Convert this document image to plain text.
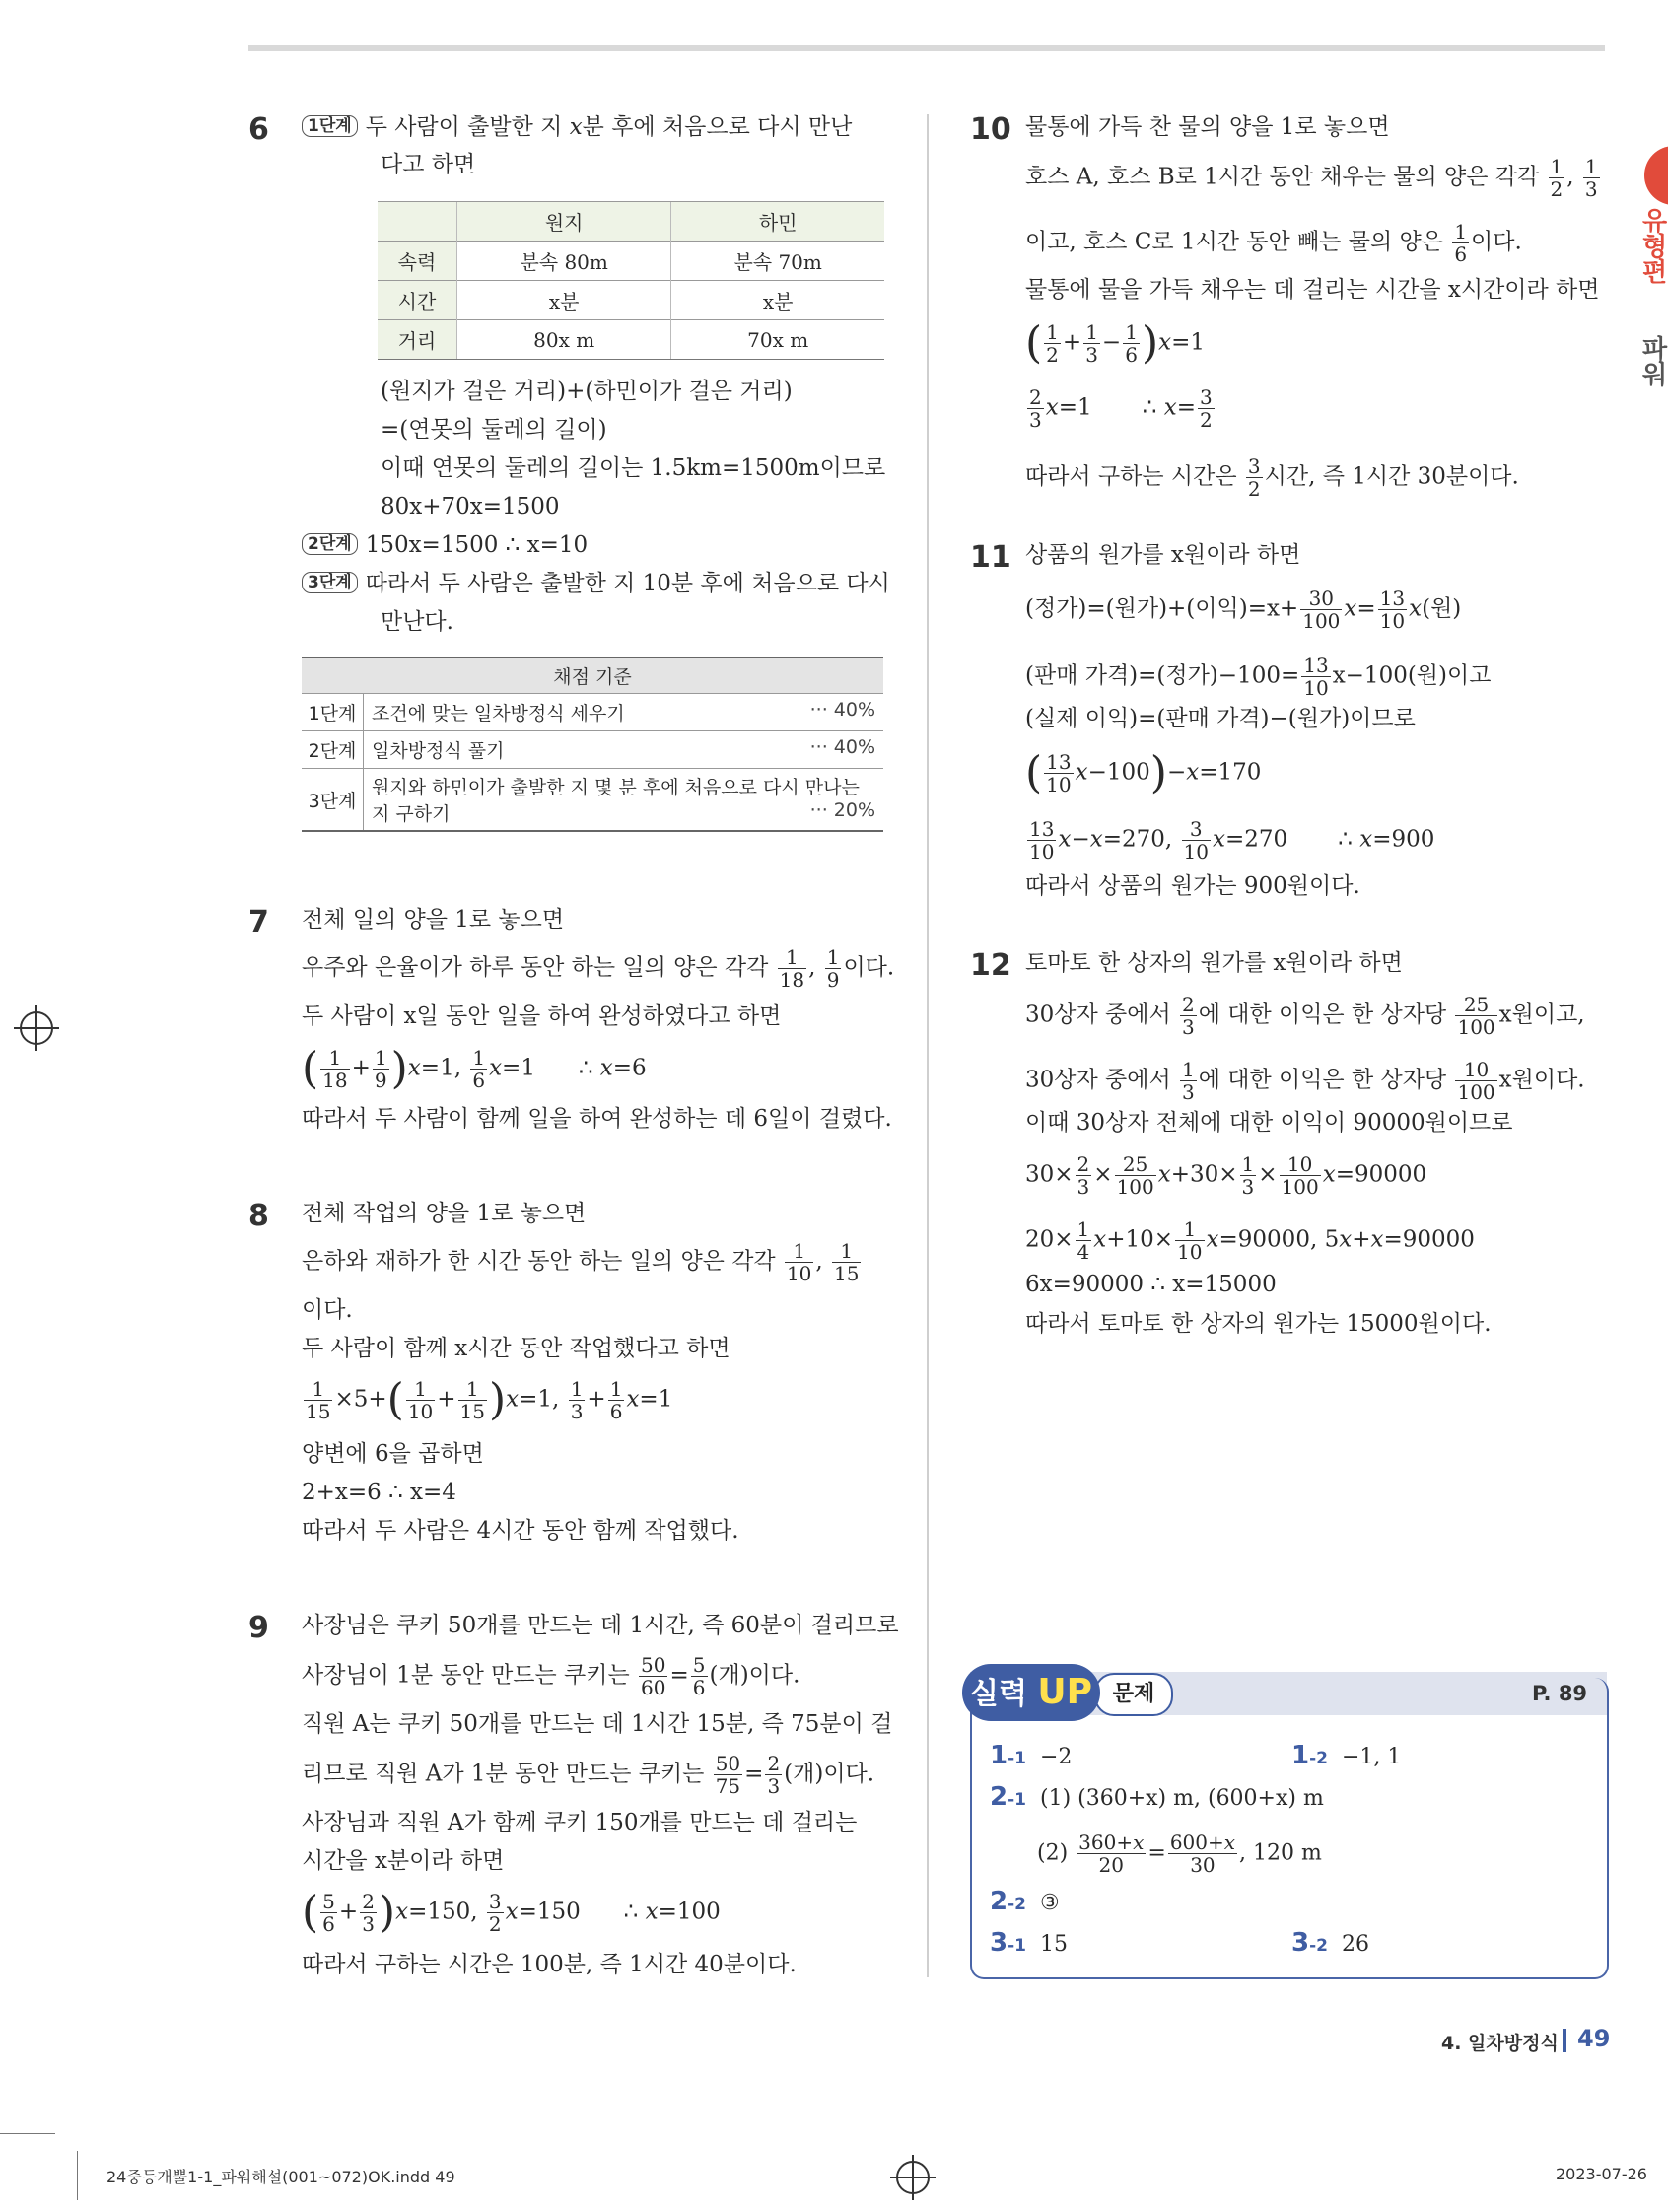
유형편
파워
6	1단계 두 사람이 출발한 지 x분 후에 처음으로 다시 만난
다고 하면
	원지	하민
속력	분속 80m	분속 70m
시간	x분	x분
거리	80x m	70x m
(원지가 걸은 거리)+(하민이가 걸은 거리)
=(연못의 둘레의 길이)
이때 연못의 둘레의 길이는 1.5km=1500m이므로
80x+70x=1500
2단계 150x=1500 ∴ x=10
3단계 따라서 두 사람은 출발한 지 10분 후에 처음으로 다시
만난다.
채점 기준	
1단계	조건에 맞는 일차방정식 세우기 ··· 40%

2단계	일차방정식 풀기 ··· 40%

3단계	원지와 하민이가 출발한 지 몇 분 후에 처음으로 다시 만나는 지 구하기 ··· 20%
7 전체 일의 양을 1로 놓으면
우주와 은율이가 하루 동안 하는 일의 양은 각각 $\frac{1}{18}$ , $\frac{1}{9}$ 이다.
두 사람이 x일 동안 일을 하여 완성하였다고 하면
( $\frac{1}{18} + \frac{1}{9} )x=1$, $\frac{1}{6} x=1$      ∴ x=6
따라서 두 사람이 함께 일을 하여 완성하는 데 6일이 걸렸다.
8 전체 작업의 양을 1로 놓으면
은하와 재하가 한 시간 동안 하는 일의 양은 각각 $\frac{1}{10}$ , $\frac{1}{15}$
이다.
두 사람이 함께 x시간 동안 작업했다고 하면
$\frac{1}{15} \times 5+( \frac{1}{10} + \frac{1}{15} )x=1$, $\frac{1}{3} + \frac{1}{6} x=1$
양변에 6을 곱하면
2+x=6 ∴ x=4
따라서 두 사람은 4시간 동안 함께 작업했다.
9 사장님은 쿠키 50개를 만드는 데 1시간, 즉 60분이 걸리므로
사장님이 1분 동안 만드는 쿠키는 $\frac{50}{60} = \frac{5}{6}$ (개)이다.
직원 A는 쿠키 50개를 만드는 데 1시간 15분, 즉 75분이 걸
리므로 직원 A가 1분 동안 만드는 쿠키는 $\frac{50}{75} = \frac{2}{3}$ (개)이다.
사장님과 직원 A가 함께 쿠키 150개를 만드는 데 걸리는
시간을 x분이라 하면
( $\frac{5}{6} + \frac{2}{3} )x=150$, $\frac{3}{2} x=150$      ∴ x=100
따라서 구하는 시간은 100분, 즉 1시간 40분이다.
10 물통에 가득 찬 물의 양을 1로 놓으면
호스 A, 호스 B로 1시간 동안 채우는 물의 양은 각각 $\frac{1}{2}$ , $\frac{1}{3}$
이고, 호스 C로 1시간 동안 빼는 물의 양은 $\frac{1}{6}$ 이다.
물통에 물을 가득 채우는 데 걸리는 시간을 x시간이라 하면
( $\frac{1}{2} + \frac{1}{3} - \frac{1}{6} )x=1$
$\frac{2}{3} x=1$       ∴ $x= \frac{3}{2}$
따라서 구하는 시간은 $\frac{3}{2}$ 시간, 즉 1시간 30분이다.
11 상품의 원가를 x원이라 하면
(정가)=(원가)+(이익)$=x+ \frac{30}{100} x= \frac{13}{10} x$(원)
(판매 가격)=(정가)$-100= \frac{13}{10} x-100$(원)이고
(실제 이익)=(판매 가격)−(원가)이므로
( $\frac{13}{10} x-100)-x=170$
$\frac{13}{10} x-x=270$, $\frac{3}{10} x=270$       ∴ x=900
따라서 상품의 원가는 900원이다.
12 토마토 한 상자의 원가를 x원이라 하면
30상자 중에서 $\frac{2}{3}$ 에 대한 이익은 한 상자당 $\frac{25}{100}$ x원이고,
30상자 중에서 $\frac{1}{3}$ 에 대한 이익은 한 상자당 $\frac{10}{100}$ x원이다.
이때 30상자 전체에 대한 이익이 90000원이므로
$30\times \frac{2}{3} \times \frac{25}{100} x+30\times \frac{1}{3} \times \frac{10}{100} x=90000$
$20\times \frac{1}{4} x+10\times \frac{1}{10} x=90000$, 5x+x=90000
6x=90000 ∴ x=15000
따라서 토마토 한 상자의 원가는 15000원이다.
문제
실력 UP	P. 89
1-1 −2	1-2 −1, 1
2-1 (1) (360+x) m, (600+x) m
$(2) \frac{360+x}{20} = \frac{600+x}{30}$ , 120 m
2-2 ③
3-1 15	3-2 26
4. 일차방정식 49
24중등개뿔1-1_파워해설(001~072)OK.indd 49	2023-07-26
